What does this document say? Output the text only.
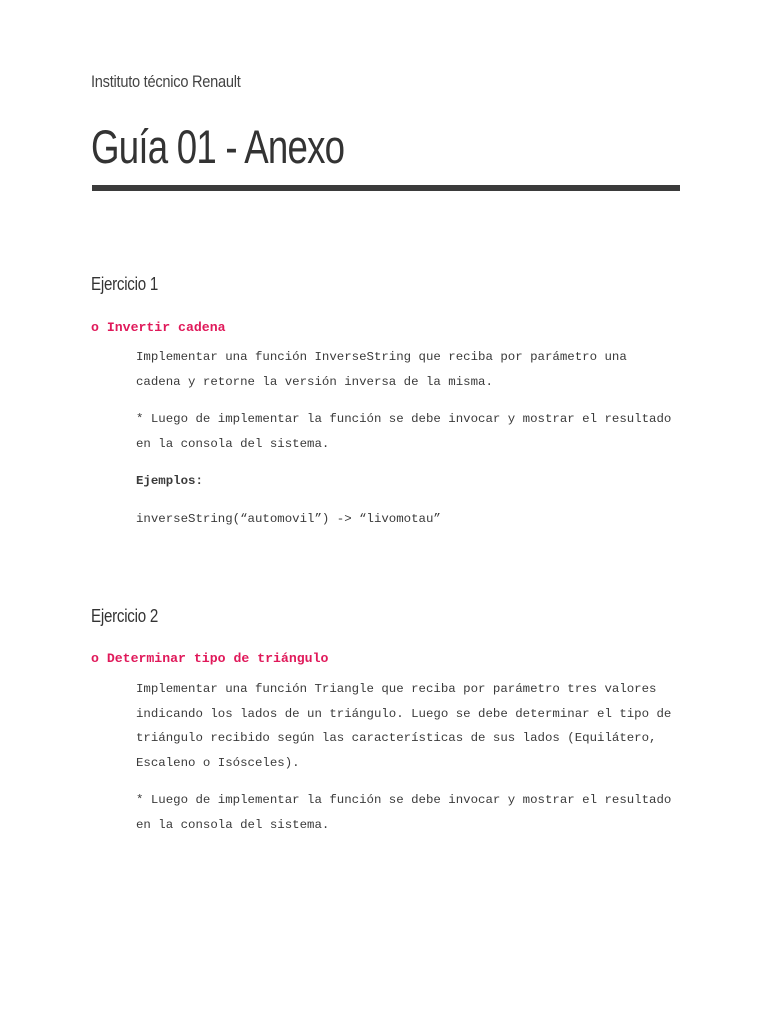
Instituto técnico Renault
Guía 01 - Anexo
Ejercicio 1
o Invertir cadena
Implementar una función InverseString que reciba por parámetro una
cadena y retorne la versión inversa de la misma.
* Luego de implementar la función se debe invocar y mostrar el resultado
en la consola del sistema.
Ejemplos:
inverseString(“automovil”) -> “livomotau”
Ejercicio 2
o Determinar tipo de triángulo
Implementar una función Triangle que reciba por parámetro tres valores
indicando los lados de un triángulo. Luego se debe determinar el tipo de
triángulo recibido según las características de sus lados (Equilátero,
Escaleno o Isósceles).
* Luego de implementar la función se debe invocar y mostrar el resultado
en la consola del sistema.
